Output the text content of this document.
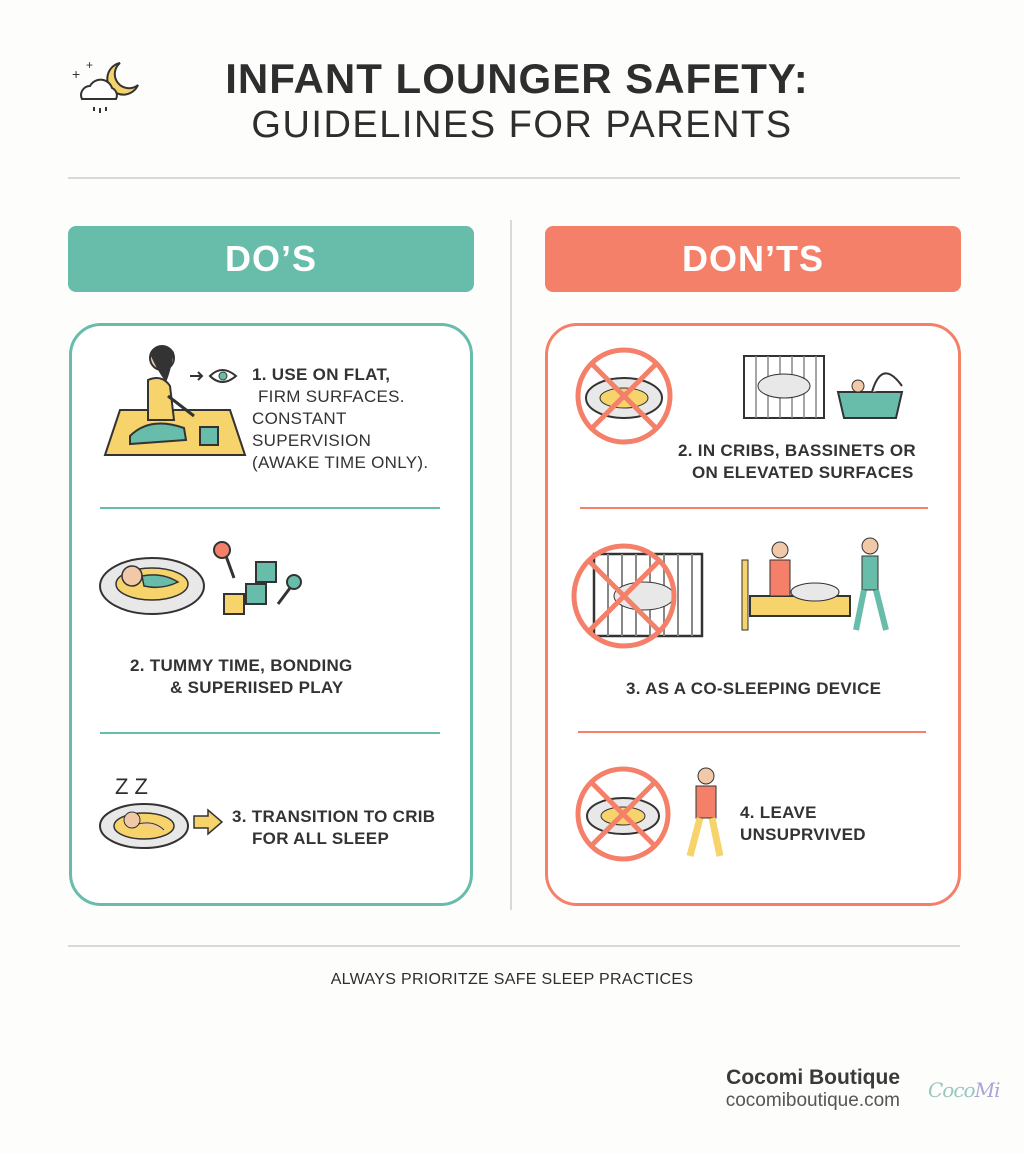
+
+	INFANT LOUNGER SAFETY:
GUIDELINES FOR PARENTS
DO’S
1. USE ON FLAT,
FIRM SURFACES.
CONSTANT
SUPERVISION
(AWAKE TIME ONLY).
2. TUMMY TIME, BONDING
& SUPERIISED PLAY
Z Z
3. TRANSITION TO CRIB
FOR ALL SLEEP
DON’TS
2. IN CRIBS, BASSINETS OR
ON ELEVATED SURFACES
3. AS A CO-SLEEPING DEVICE
4. LEAVE
UNSUPRVIVED
ALWAYS PRIORITZE SAFE SLEEP PRACTICES
Cocomi Boutique
cocomiboutique.com CocoMi
